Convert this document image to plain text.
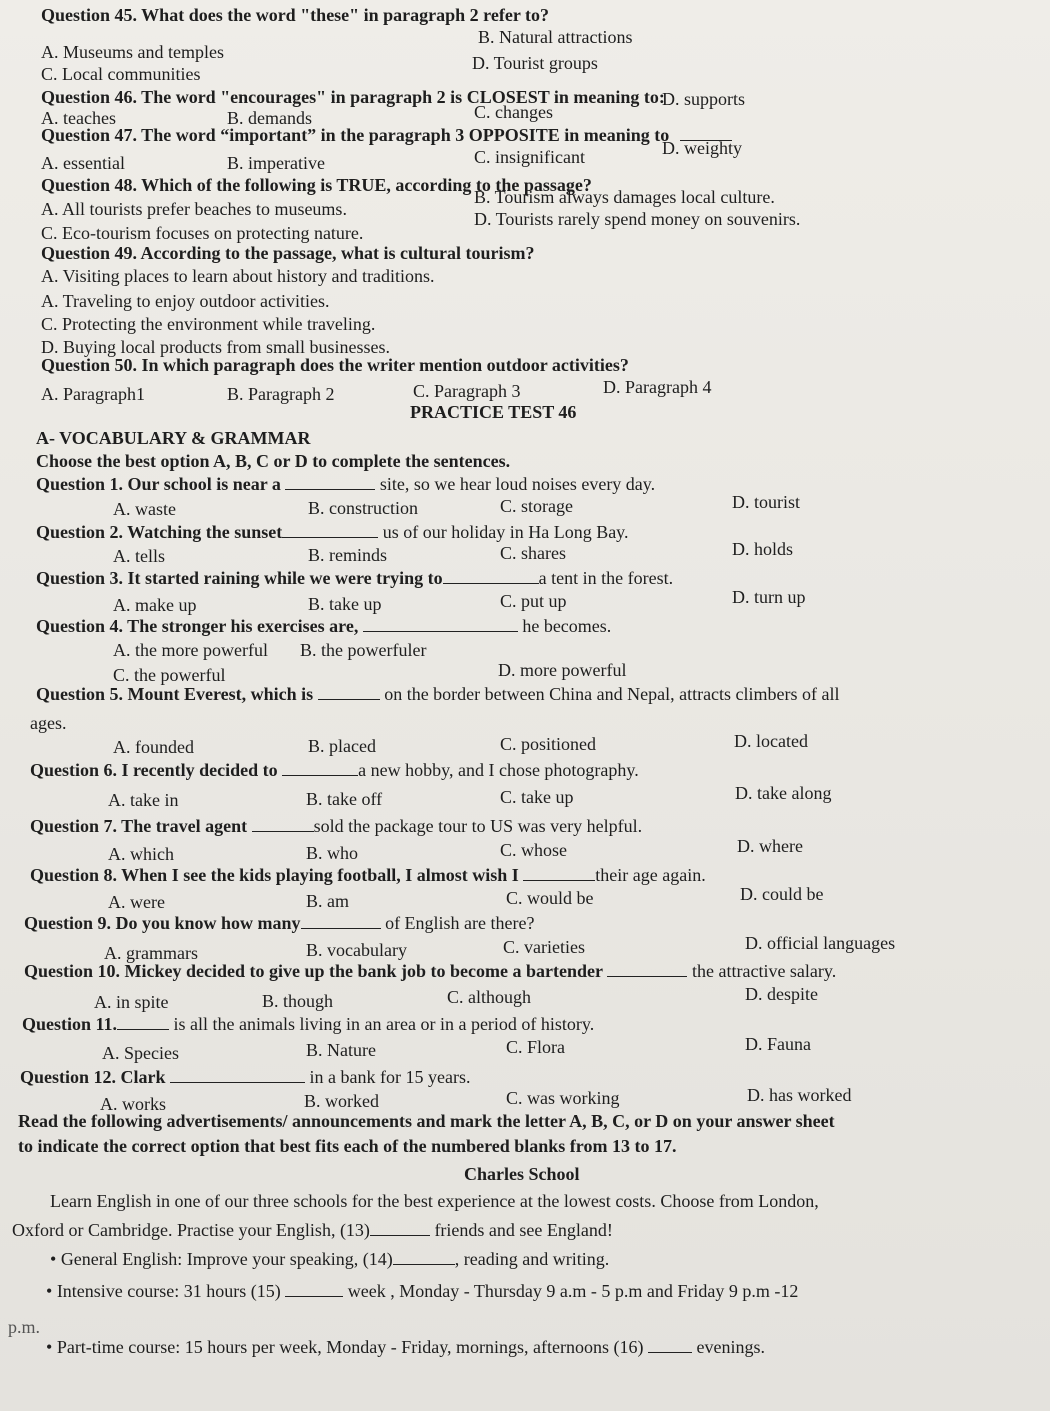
Question 45. What does the word "these" in paragraph 2 refer to?
A. Museums and temples
B. Natural attractions
C. Local communities
D. Tourist groups
Question 46. The word "encourages" in paragraph 2 is CLOSEST in meaning to:
A. teaches	B. demands	C. changes
D. supports
Question 47. The word “important” in the paragraph 3 OPPOSITE in meaning to
A. essential	B. imperative	C. insignificant	D. weighty
Question 48. Which of the following is TRUE, according to the passage?
A. All tourists prefer beaches to museums.
B. Tourism always damages local culture.
C. Eco-tourism focuses on protecting nature.
D. Tourists rarely spend money on souvenirs.
Question 49. According to the passage, what is cultural tourism?
A. Visiting places to learn about history and traditions.
A. Traveling to enjoy outdoor activities.
C. Protecting the environment while traveling.
D. Buying local products from small businesses.
Question 50. In which paragraph does the writer mention outdoor activities?
A. Paragraph1	B. Paragraph 2	C. Paragraph 3	D. Paragraph 4
PRACTICE TEST 46
A- VOCABULARY & GRAMMAR
Choose the best option A, B, C or D to complete the sentences.
Question 1. Our school is near a	site, so we hear loud noises every day.
A. waste	B. construction	C. storage	D. tourist
Question 2. Watching the sunset	us of our holiday in Ha Long Bay.
A. tells	B. reminds	C. shares	D. holds
Question 3. It started raining while we were trying to	a tent in the forest.
A. make up	B. take up	C. put up	D. turn up
Question 4. The stronger his exercises are,	he becomes.
A. the more powerful B. the powerfuler
C. the powerful	D. more powerful
Question 5. Mount Everest, which is	on the border between China and Nepal, attracts climbers of all
ages.
A. founded	B. placed	C. positioned	D. located
Question 6. I recently decided to	a new hobby, and I chose photography.
A. take in	B. take off	C. take up	D. take along
Question 7. The travel agent	sold the package tour to US was very helpful.
A. which	B. who	C. whose	D. where
Question 8. When I see the kids playing football, I almost wish I	their age again.
A. were	B. am	C. would be	D. could be
Question 9. Do you know how many	of English are there?
A. grammars	B. vocabulary	C. varieties	D. official languages
Question 10. Mickey decided to give up the bank job to become a bartender	the attractive salary.
A. in spite	B. though	C. although	D. despite
Question 11.	is all the animals living in an area or in a period of history.
A. Species	B. Nature	C. Flora	D. Fauna
Question 12. Clark	in a bank for 15 years.
A. works	B. worked	C. was working	D. has worked
Read the following advertisements/ announcements and mark the letter A, B, C, or D on your answer sheet
to indicate the correct option that best fits each of the numbered blanks from 13 to 17.
Charles School
Learn English in one of our three schools for the best experience at the lowest costs. Choose from London,
Oxford or Cambridge. Practise your English, (13)	friends and see England!
• General English: Improve your speaking, (14)	, reading and writing.
• Intensive course: 31 hours (15)	week , Monday - Thursday 9 a.m - 5 p.m and Friday 9 p.m -12
p.m.
• Part-time course: 15 hours per week, Monday - Friday, mornings, afternoons (16)	evenings.
